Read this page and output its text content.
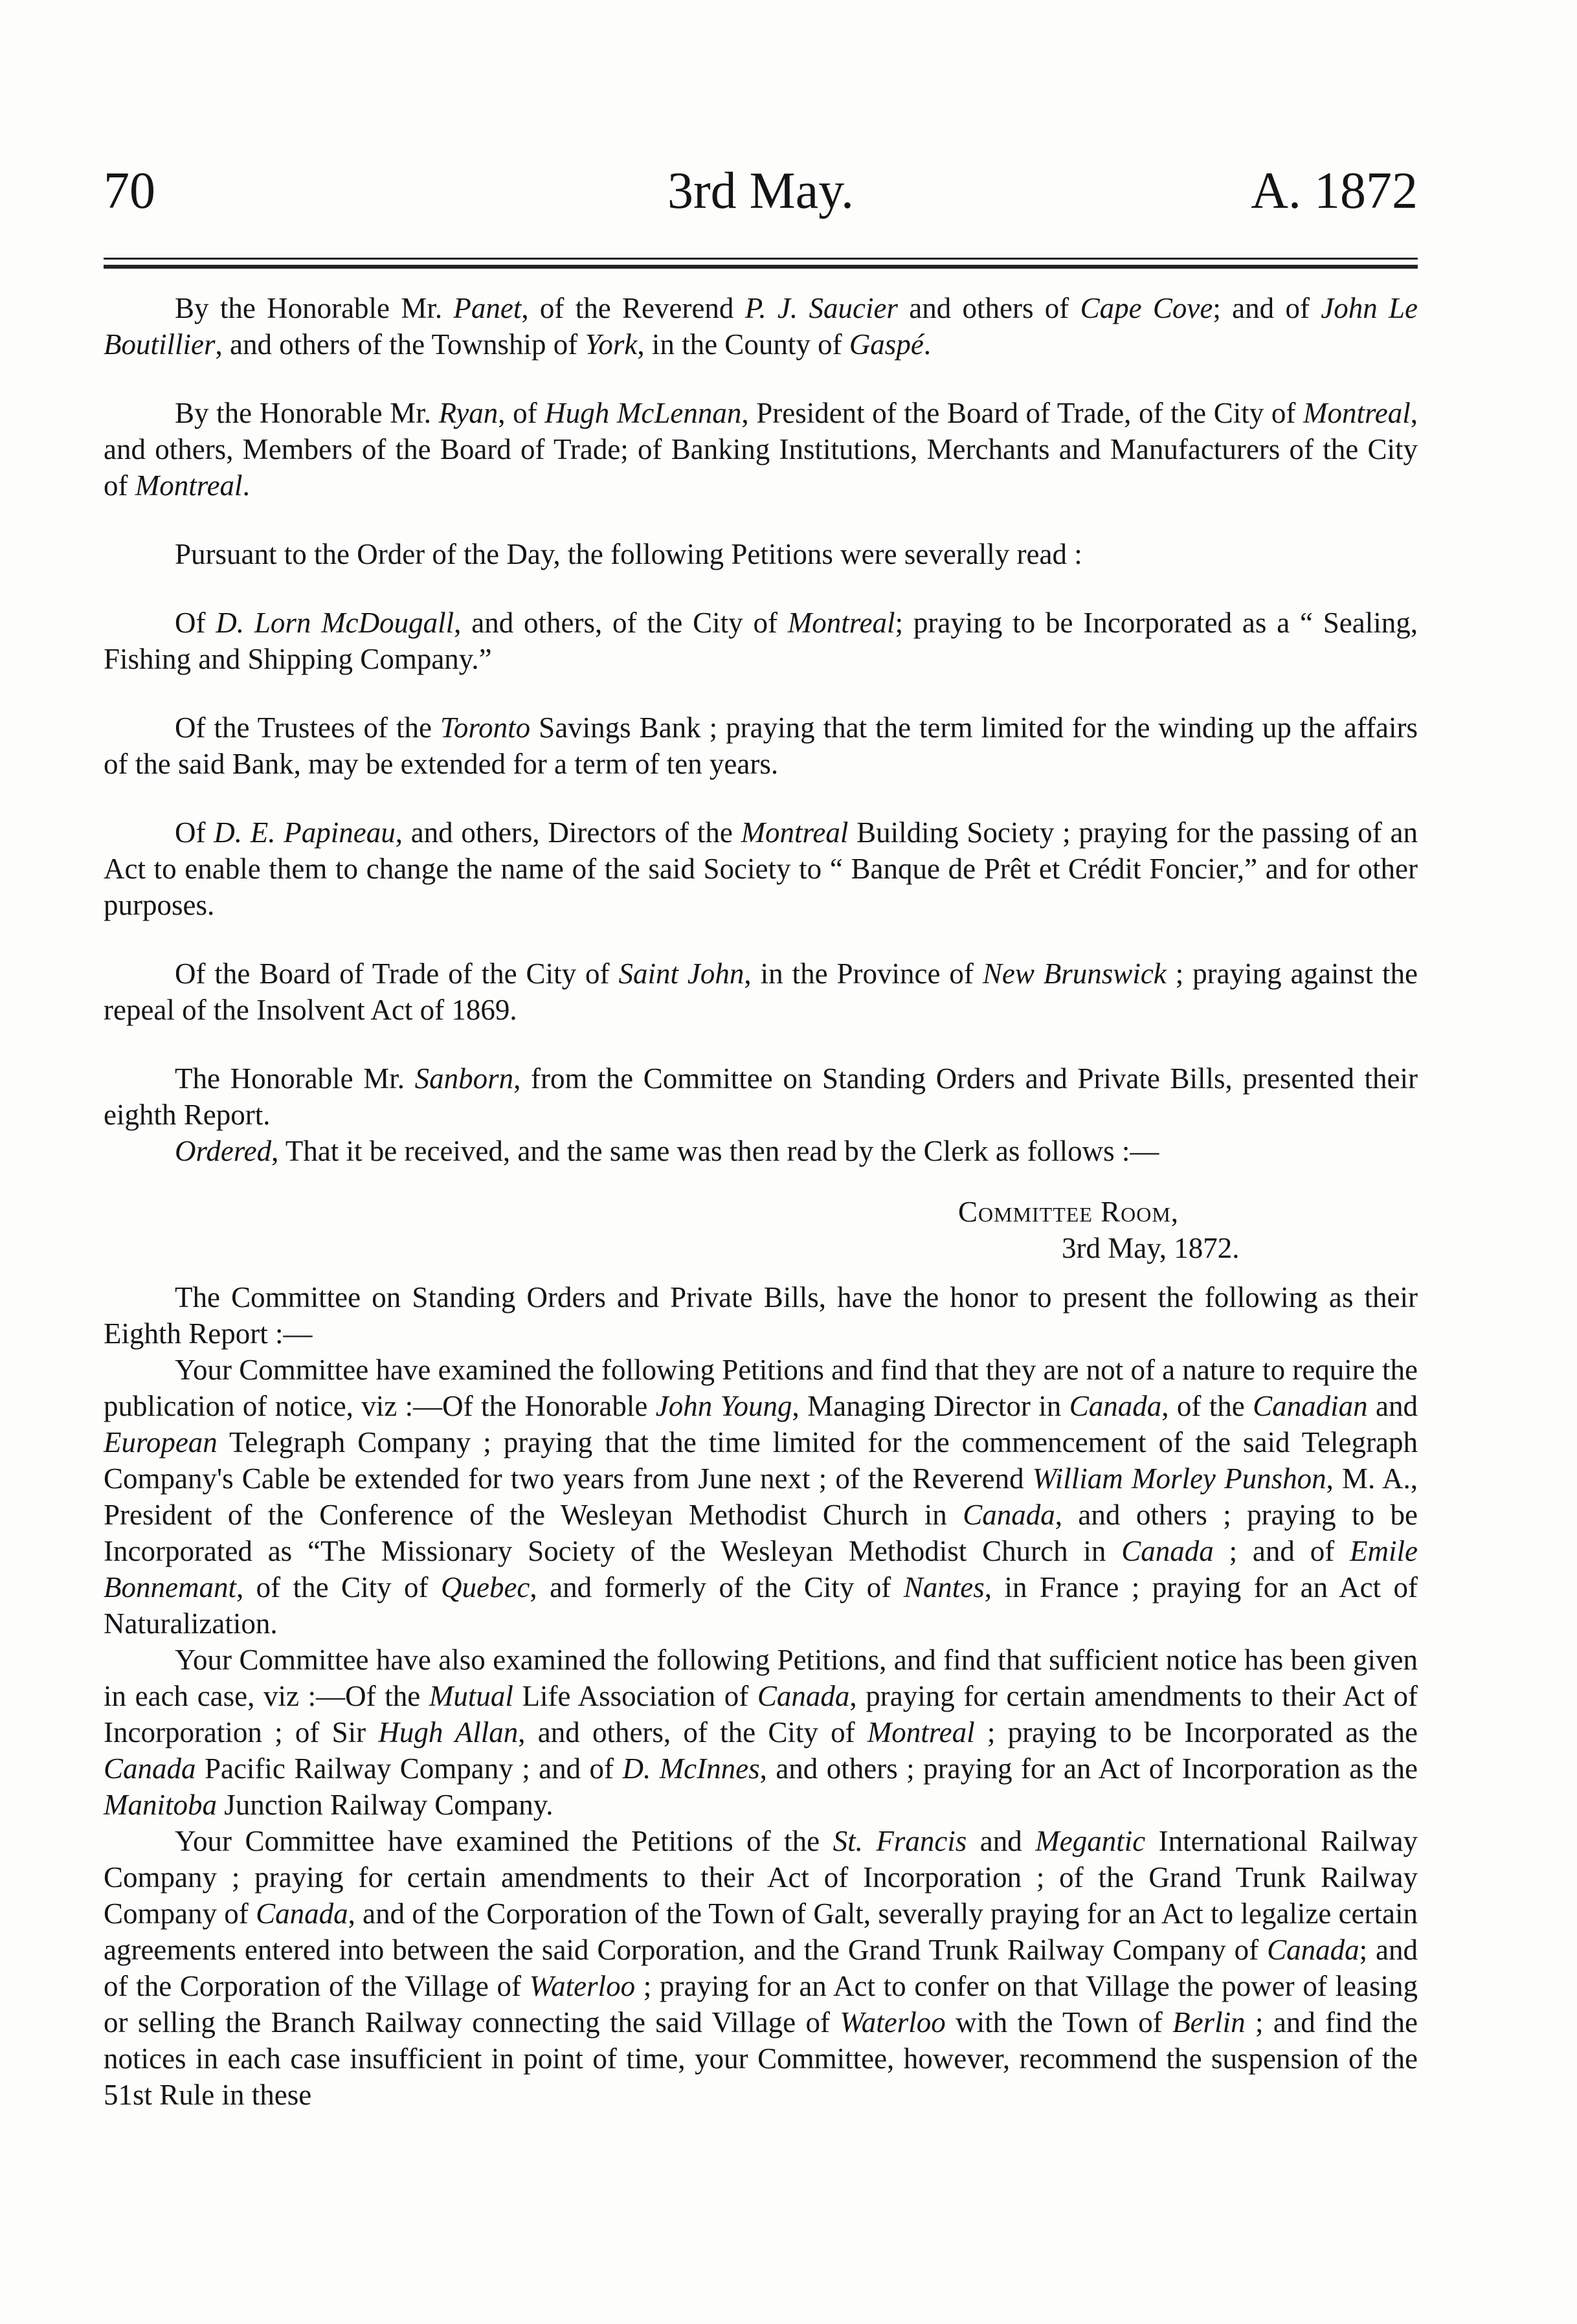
70	3rd May.	A. 1872

By the Honorable Mr. Panet, of the Reverend P. J. Saucier and others of Cape Cove; and of John Le Boutillier, and others of the Township of York, in the County of Gaspé.

By the Honorable Mr. Ryan, of Hugh McLennan, President of the Board of Trade, of the City of Montreal, and others, Members of the Board of Trade; of Banking Institutions, Merchants and Manufacturers of the City of Montreal.

Pursuant to the Order of the Day, the following Petitions were severally read :

Of D. Lorn McDougall, and others, of the City of Montreal; praying to be Incorporated as a “ Sealing, Fishing and Shipping Company.”

Of the Trustees of the Toronto Savings Bank ; praying that the term limited for the winding up the affairs of the said Bank, may be extended for a term of ten years.

Of D. E. Papineau, and others, Directors of the Montreal Building Society ; praying for the passing of an Act to enable them to change the name of the said Society to “ Banque de Prêt et Crédit Foncier,” and for other purposes.

Of the Board of Trade of the City of Saint John, in the Province of New Brunswick ; praying against the repeal of the Insolvent Act of 1869.

The Honorable Mr. Sanborn, from the Committee on Standing Orders and Private Bills, presented their eighth Report.

Ordered, That it be received, and the same was then read by the Clerk as follows :—

Committee Room,
3rd May, 1872.

The Committee on Standing Orders and Private Bills, have the honor to present the following as their Eighth Report :—

Your Committee have examined the following Petitions and find that they are not of a nature to require the publication of notice, viz :—Of the Honorable John Young, Managing Director in Canada, of the Canadian and European Telegraph Company ; praying that the time limited for the commencement of the said Telegraph Company's Cable be extended for two years from June next ; of the Reverend William Morley Punshon, M. A., President of the Conference of the Wesleyan Methodist Church in Canada, and others ; praying to be Incorporated as “The Missionary Society of the Wesleyan Methodist Church in Canada ; and of Emile Bonnemant, of the City of Quebec, and formerly of the City of Nantes, in France ; praying for an Act of Naturalization.

Your Committee have also examined the following Petitions, and find that sufficient notice has been given in each case, viz :—Of the Mutual Life Association of Canada, praying for certain amendments to their Act of Incorporation ; of Sir Hugh Allan, and others, of the City of Montreal ; praying to be Incorporated as the Canada Pacific Railway Company ; and of D. McInnes, and others ; praying for an Act of Incorporation as the Manitoba Junction Railway Company.

Your Committee have examined the Petitions of the St. Francis and Megantic International Railway Company ; praying for certain amendments to their Act of Incorporation ; of the Grand Trunk Railway Company of Canada, and of the Corporation of the Town of Galt, severally praying for an Act to legalize certain agreements entered into between the said Corporation, and the Grand Trunk Railway Company of Canada; and of the Corporation of the Village of Waterloo ; praying for an Act to confer on that Village the power of leasing or selling the Branch Railway connecting the said Village of Waterloo with the Town of Berlin ; and find the notices in each case insufficient in point of time, your Committee, however, recommend the suspension of the 51st Rule in these
